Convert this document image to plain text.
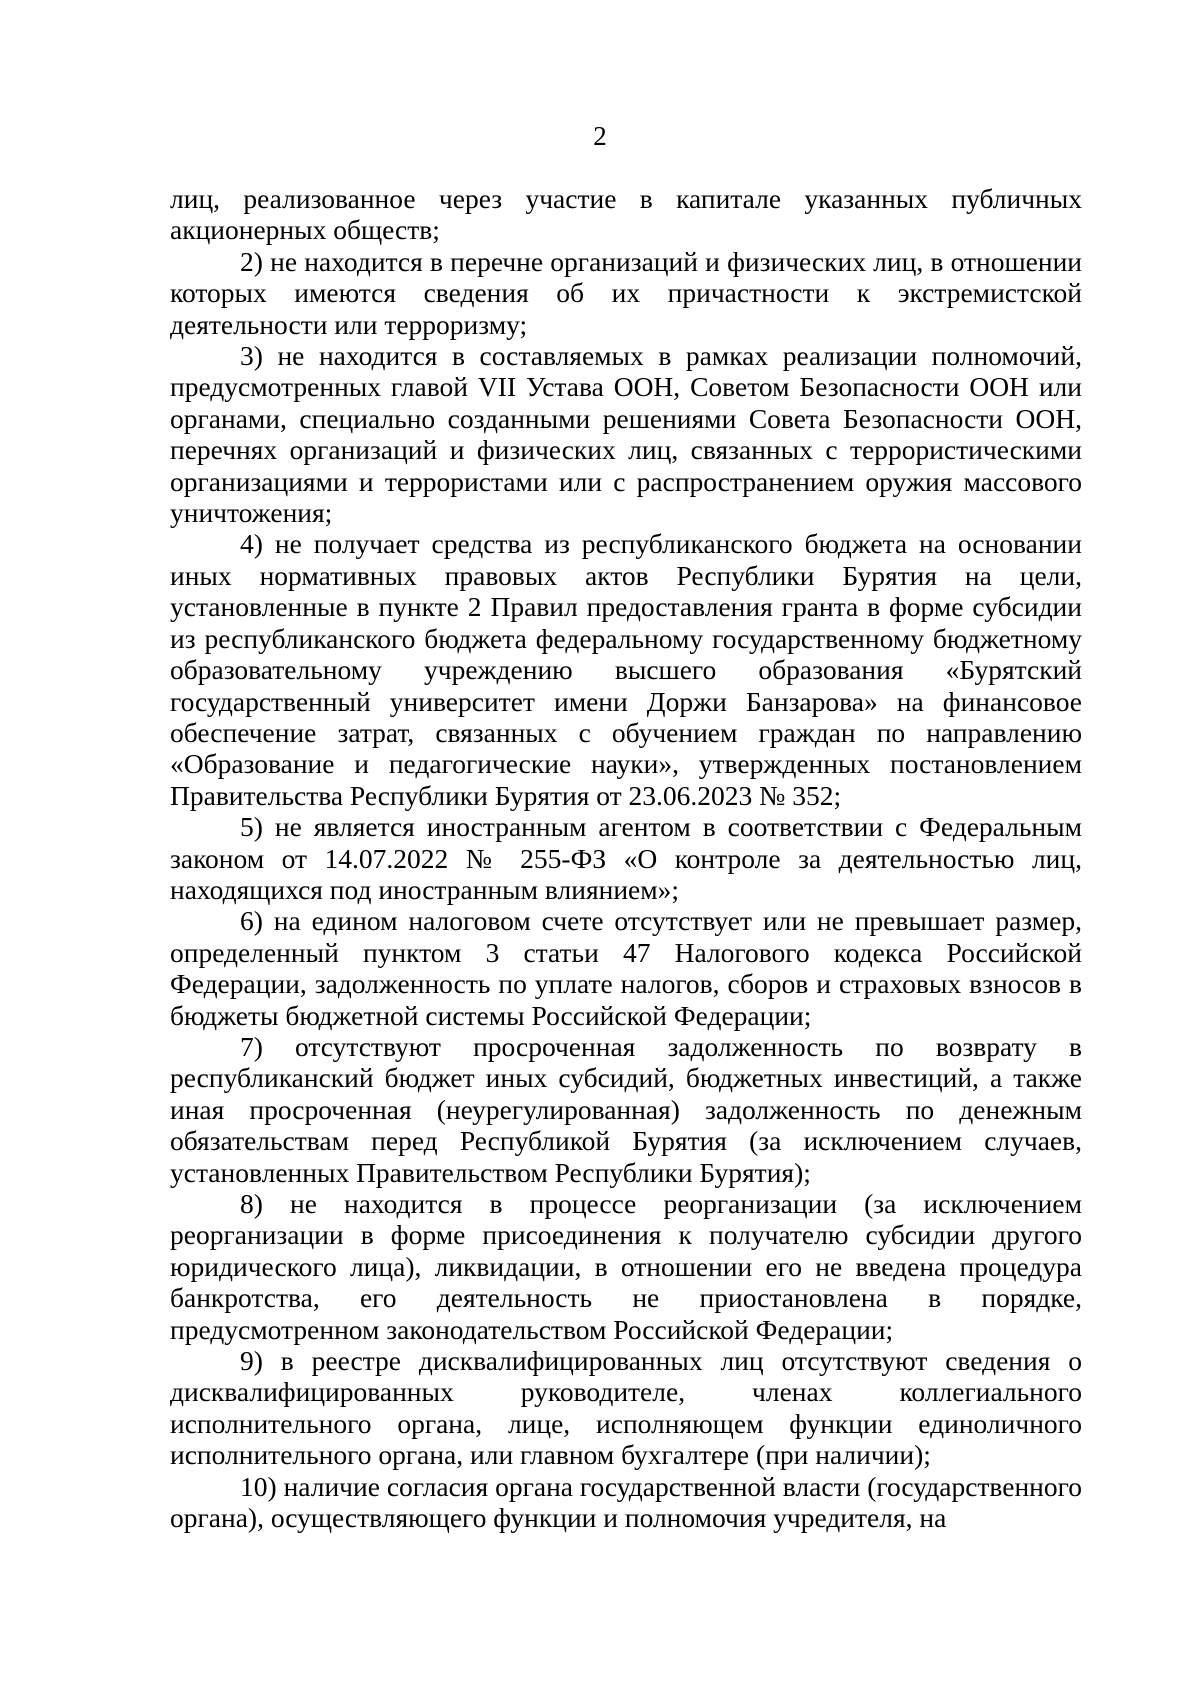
2

лиц, реализованное через участие в капитале указанных публичных акционерных обществ;

2) не находится в перечне организаций и физических лиц, в отношении которых имеются сведения об их причастности к экстремистской деятельности или терроризму;

3) не находится в составляемых в рамках реализации полномочий, предусмотренных главой VII Устава ООН, Советом Безопасности ООН или органами, специально созданными решениями Совета Безопасности ООН, перечнях организаций и физических лиц, связанных с террористическими организациями и террористами или с распространением оружия массового уничтожения;

4) не получает средства из республиканского бюджета на основании иных нормативных правовых актов Республики Бурятия на цели, установленные в пункте 2 Правил предоставления гранта в форме субсидии из республиканского бюджета федеральному государственному бюджетному образовательному учреждению высшего образования «Бурятский государственный университет имени Доржи Банзарова» на финансовое обеспечение затрат, связанных с обучением граждан по направлению «Образование и педагогические науки», утвержденных постановлением Правительства Республики Бурятия от 23.06.2023 № 352;

5) не является иностранным агентом в соответствии с Федеральным законом от 14.07.2022 № 255-ФЗ «О контроле за деятельностью лиц, находящихся под иностранным влиянием»;

6) на едином налоговом счете отсутствует или не превышает размер, определенный пунктом 3 статьи 47 Налогового кодекса Российской Федерации, задолженность по уплате налогов, сборов и страховых взносов в бюджеты бюджетной системы Российской Федерации;

7) отсутствуют просроченная задолженность по возврату в республиканский бюджет иных субсидий, бюджетных инвестиций, а также иная просроченная (неурегулированная) задолженность по денежным обязательствам перед Республикой Бурятия (за исключением случаев, установленных Правительством Республики Бурятия);

8) не находится в процессе реорганизации (за исключением реорганизации в форме присоединения к получателю субсидии другого юридического лица), ликвидации, в отношении его не введена процедура банкротства, его деятельность не приостановлена в порядке, предусмотренном законодательством Российской Федерации;

9) в реестре дисквалифицированных лиц отсутствуют сведения о дисквалифицированных руководителе, членах коллегиального исполнительного органа, лице, исполняющем функции единоличного исполнительного органа, или главном бухгалтере (при наличии);

10) наличие согласия органа государственной власти (государственного органа), осуществляющего функции и полномочия учредителя, на
